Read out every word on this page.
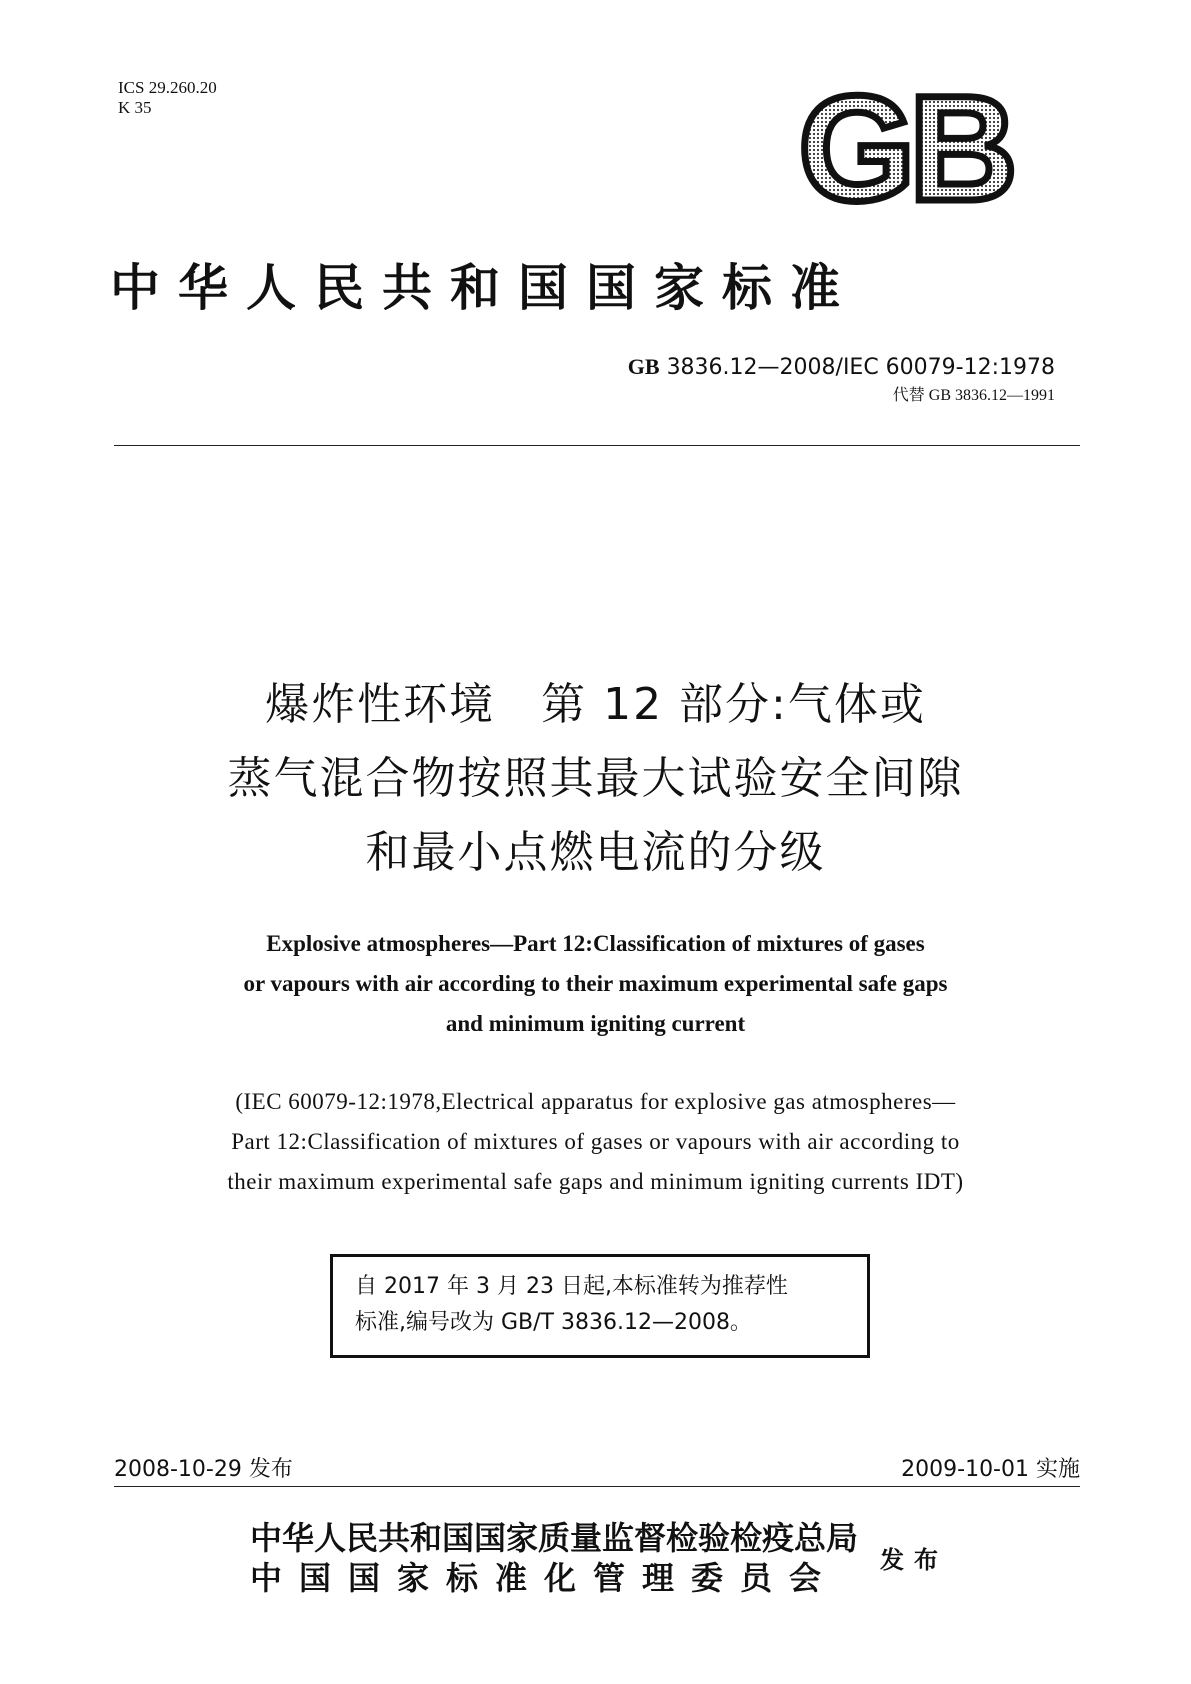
ICS 29.260.20
K 35	GB
中华人民共和国国家标准
GB 3836.12—2008/IEC 60079-12:1978
代替 GB 3836.12—1991
爆炸性环境　第 12 部分:气体或
蒸气混合物按照其最大试验安全间隙
和最小点燃电流的分级
Explosive atmospheres—Part 12:Classification of mixtures of gases
or vapours with air according to their maximum experimental safe gaps
and minimum igniting current
(IEC 60079-12:1978,Electrical apparatus for explosive gas atmospheres—
Part 12:Classification of mixtures of gases or vapours with air according to
their maximum experimental safe gaps and minimum igniting currents IDT)
自 2017 年 3 月 23 日起,本标准转为推荐性
标准,编号改为 GB/T 3836.12—2008。
2008-10-29 发布	2009-10-01 实施
中华人民共和国国家质量监督检验检疫总局
中国国家标准化管理委员会	发布
